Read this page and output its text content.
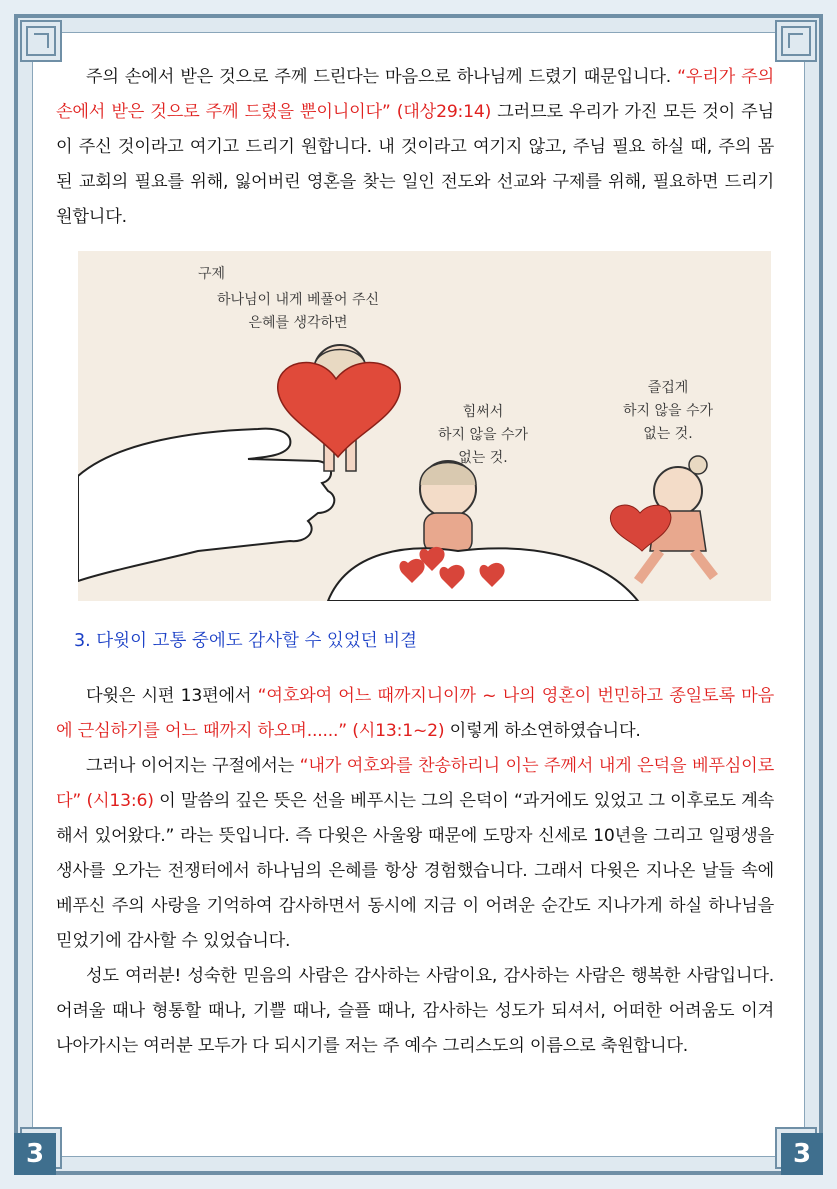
3	3

주의 손에서 받은 것으로 주께 드린다는 마음으로 하나님께 드렸기 때문입니다. “우리가 주의 손에서 받은 것으로 주께 드렸을 뿐이니이다” (대상29:14) 그러므로 우리가 가진 모든 것이 주님이 주신 것이라고 여기고 드리기 원합니다. 내 것이라고 여기지 않고, 주님 필요 하실 때, 주의 몸 된 교회의 필요를 위해, 잃어버린 영혼을 찾는 일인 전도와 선교와 구제를 위해, 필요하면 드리기 원합니다.

구제
하나님이 내게 베풀어 주신
은혜를 생각하면
힘써서
하지 않을 수가
없는 것.
즐겁게
하지 않을 수가
없는 것.
3. 다윗이 고통 중에도 감사할 수 있었던 비결

다윗은 시편 13편에서 “여호와여 어느 때까지니이까 ~ 나의 영혼이 번민하고 종일토록 마음에 근심하기를 어느 때까지 하오며......” (시13:1~2) 이렇게 하소연하였습니다.

그러나 이어지는 구절에서는 “내가 여호와를 찬송하리니 이는 주께서 내게 은덕을 베푸심이로다” (시13:6) 이 말씀의 깊은 뜻은 선을 베푸시는 그의 은덕이 “과거에도 있었고 그 이후로도 계속해서 있어왔다.” 라는 뜻입니다. 즉 다윗은 사울왕 때문에 도망자 신세로 10년을 그리고 일평생을 생사를 오가는 전쟁터에서 하나님의 은혜를 항상 경험했습니다. 그래서 다윗은 지나온 날들 속에 베푸신 주의 사랑을 기억하여 감사하면서 동시에 지금 이 어려운 순간도 지나가게 하실 하나님을 믿었기에 감사할 수 있었습니다.

성도 여러분! 성숙한 믿음의 사람은 감사하는 사람이요, 감사하는 사람은 행복한 사람입니다. 어려울 때나 형통할 때나, 기쁠 때나, 슬플 때나, 감사하는 성도가 되셔서, 어떠한 어려움도 이겨 나아가시는 여러분 모두가 다 되시기를 저는 주 예수 그리스도의 이름으로 축원합니다.
